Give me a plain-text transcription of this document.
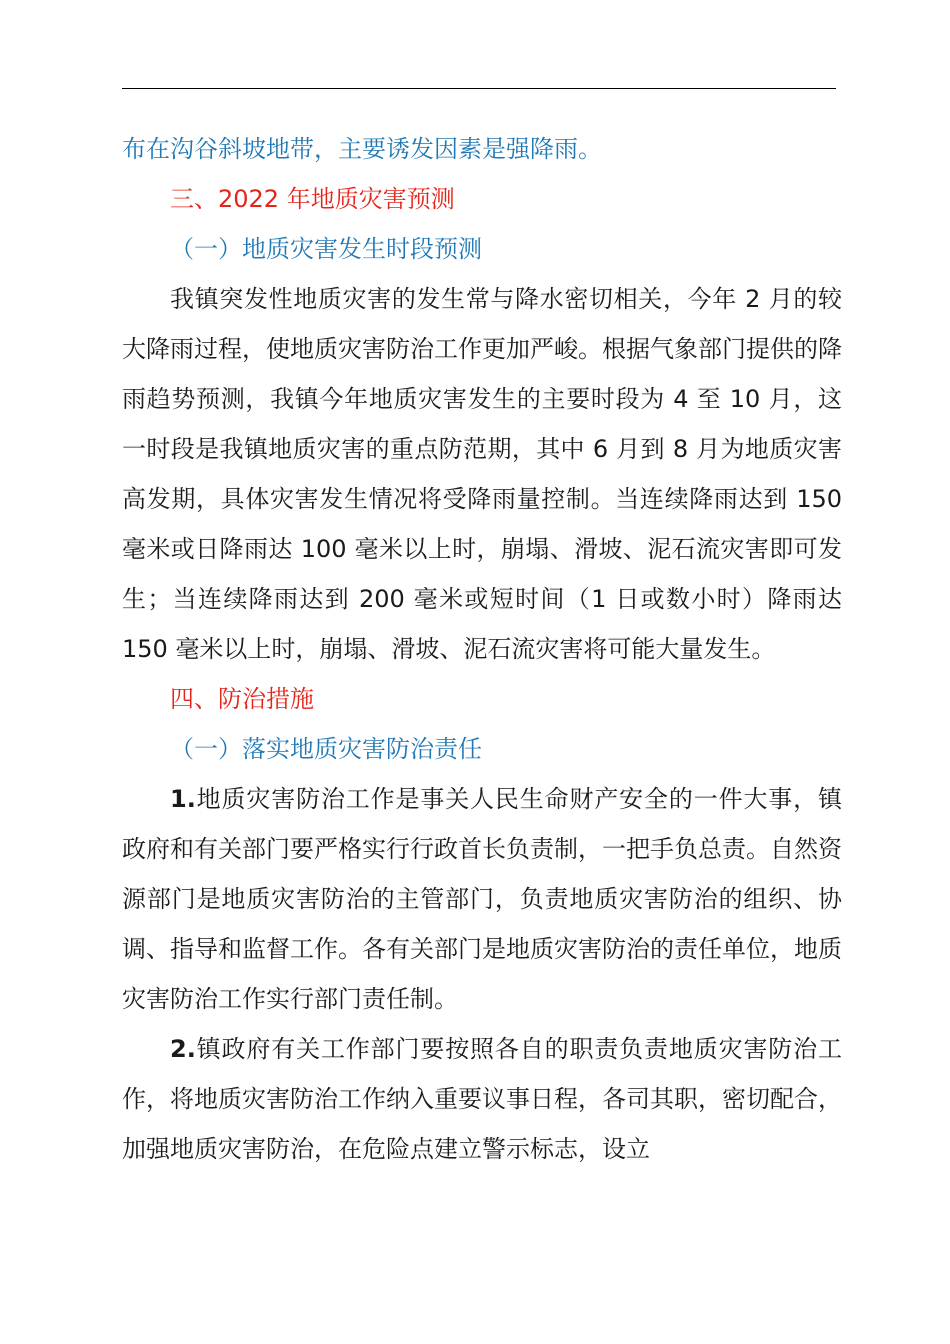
布在沟谷斜坡地带，主要诱发因素是强降雨。

三、2022 年地质灾害预测

（一）地质灾害发生时段预测

我镇突发性地质灾害的发生常与降水密切相关，今年 2 月的较大降雨过程，使地质灾害防治工作更加严峻。根据气象部门提供的降雨趋势预测，我镇今年地质灾害发生的主要时段为 4 至 10 月，这一时段是我镇地质灾害的重点防范期，其中 6 月到 8 月为地质灾害高发期，具体灾害发生情况将受降雨量控制。当连续降雨达到 150 毫米或日降雨达 100 毫米以上时，崩塌、滑坡、泥石流灾害即可发生；当连续降雨达到 200 毫米或短时间（1 日或数小时）降雨达 150 毫米以上时，崩塌、滑坡、泥石流灾害将可能大量发生。

四、防治措施

（一）落实地质灾害防治责任

1.地质灾害防治工作是事关人民生命财产安全的一件大事，镇政府和有关部门要严格实行行政首长负责制，一把手负总责。自然资源部门是地质灾害防治的主管部门，负责地质灾害防治的组织、协调、指导和监督工作。各有关部门是地质灾害防治的责任单位，地质灾害防治工作实行部门责任制。

2.镇政府有关工作部门要按照各自的职责负责地质灾害防治工作，将地质灾害防治工作纳入重要议事日程，各司其职，密切配合，加强地质灾害防治，在危险点建立警示标志，设立
